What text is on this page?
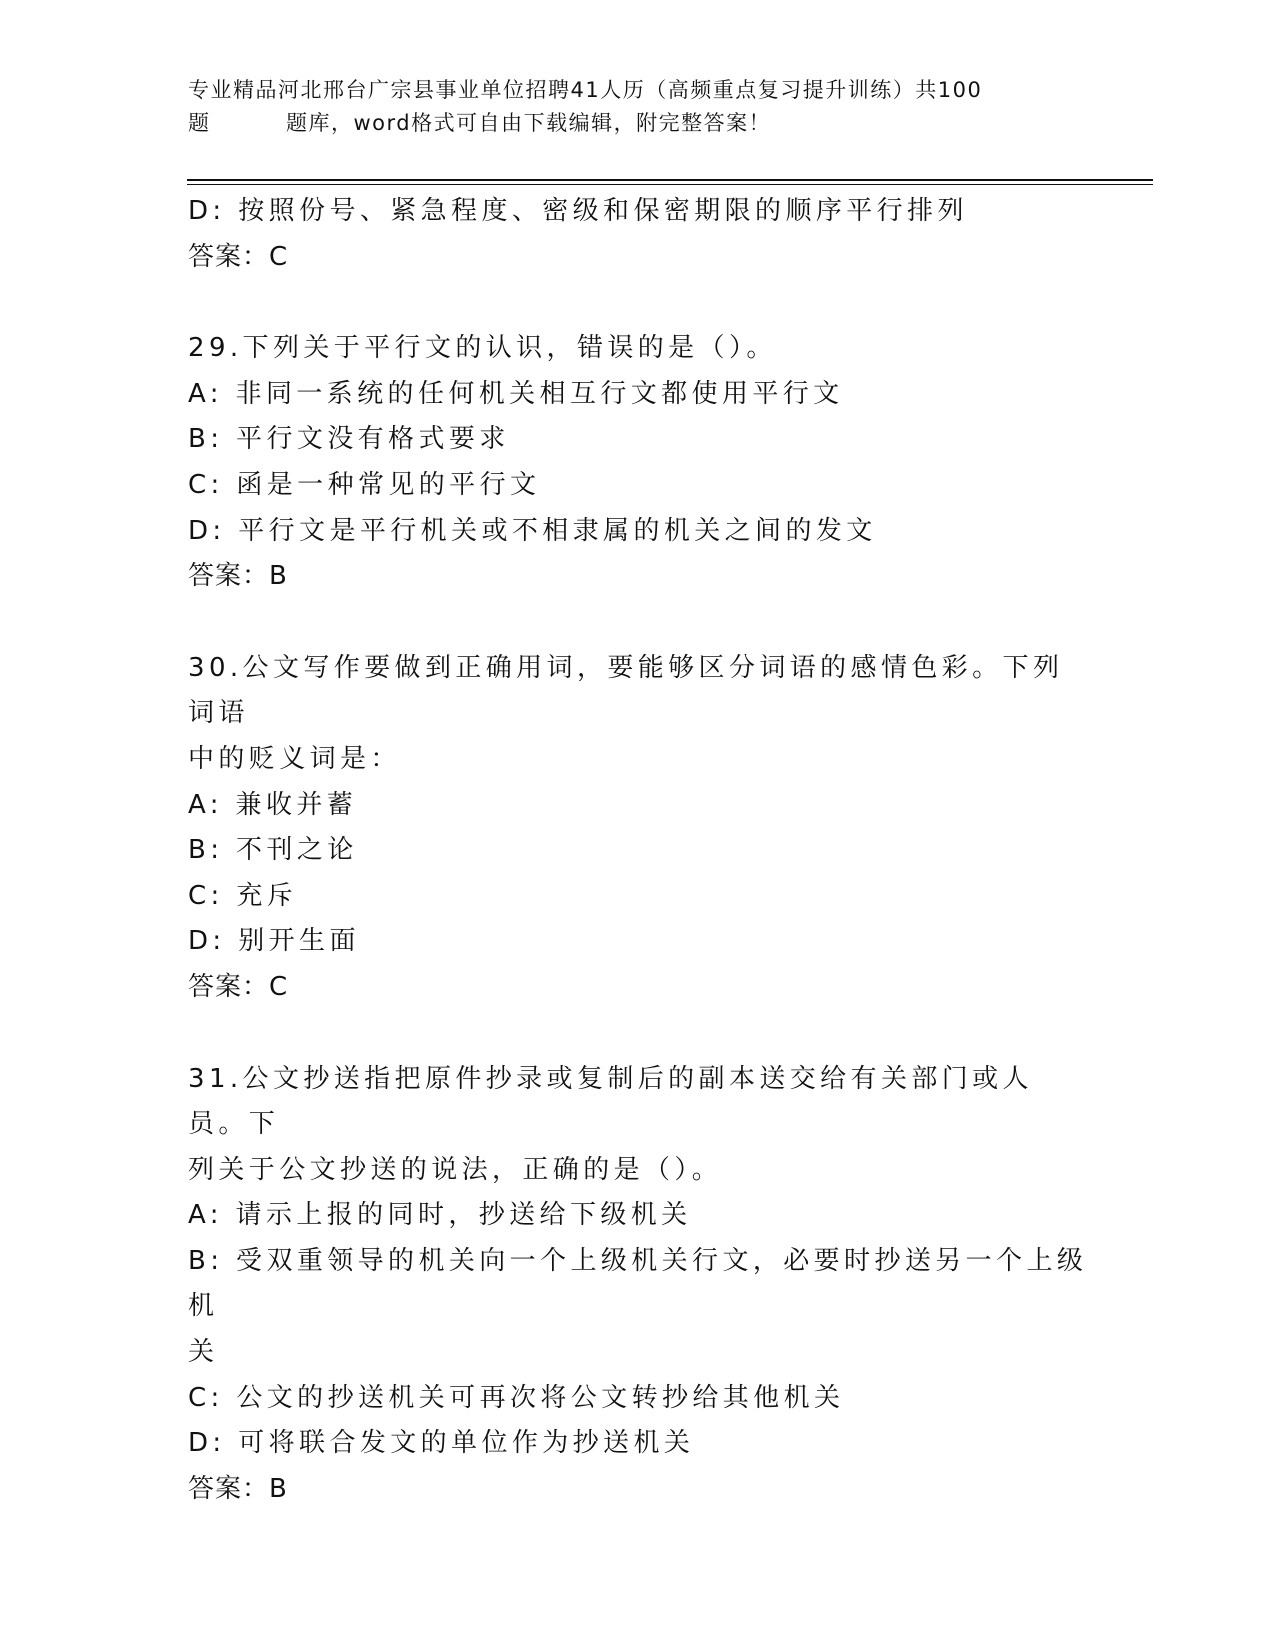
专业精品河北邢台广宗县事业单位招聘41人历（高频重点复习提升训练）共100
题	题库，word格式可自由下载编辑，附完整答案！

D: 按照份号、紧急程度、密级和保密期限的顺序平行排列

答案：C

29.下列关于平行文的认识，错误的是（）。

A: 非同一系统的任何机关相互行文都使用平行文

B: 平行文没有格式要求

C: 函是一种常见的平行文

D: 平行文是平行机关或不相隶属的机关之间的发文

答案：B

30.公文写作要做到正确用词，要能够区分词语的感情色彩。下列词语

中的贬义词是：

A: 兼收并蓄

B: 不刊之论

C: 充斥

D: 别开生面

答案：C

31.公文抄送指把原件抄录或复制后的副本送交给有关部门或人员。下

列关于公文抄送的说法，正确的是（）。

A: 请示上报的同时，抄送给下级机关

B: 受双重领导的机关向一个上级机关行文，必要时抄送另一个上级机

关

C: 公文的抄送机关可再次将公文转抄给其他机关

D: 可将联合发文的单位作为抄送机关

答案：B
